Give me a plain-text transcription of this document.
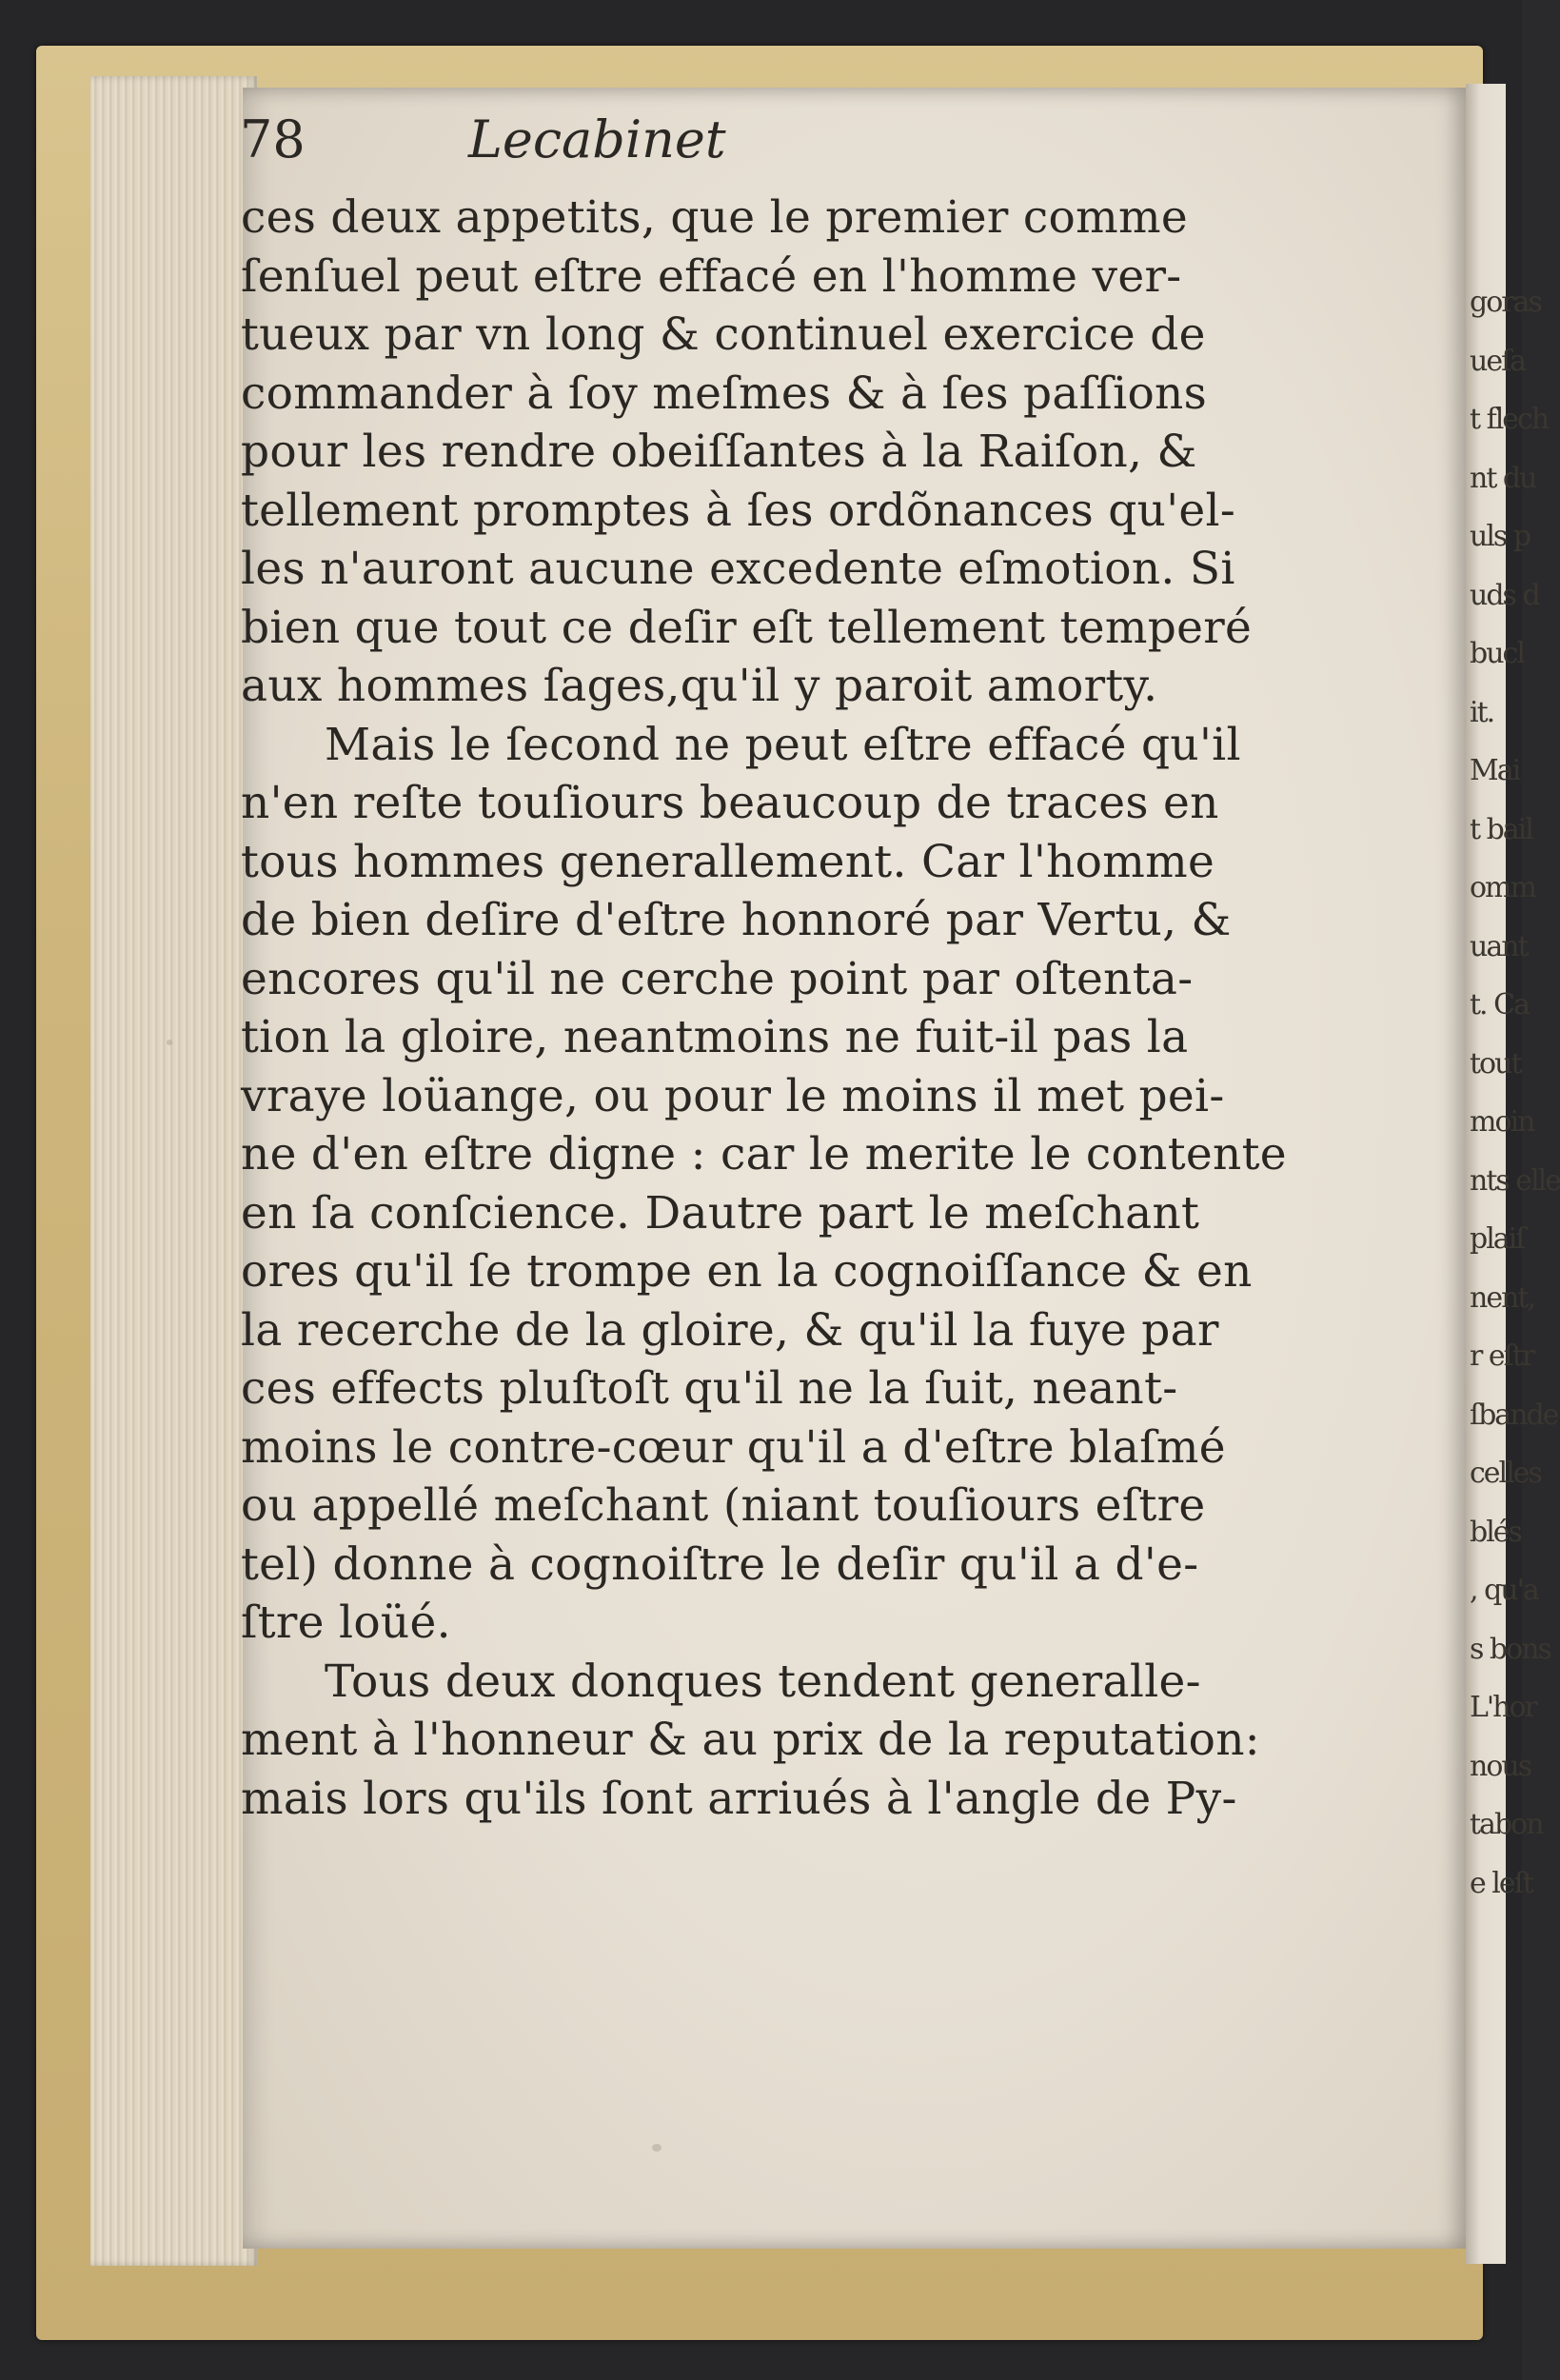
goras
ueſa
t flech
nt du
uls p
uds d
bucl
it.
Mai
t bail
omm
uant
t. Ca
tout
moin
nts elle
plaiſ
nent,
r eſtr
ſbande
celles
blés
, qu'a
s bons
L'hor
nous
tabon
e leſt
78	Lecabinet
ces deux appetits, que le premier comme
ſenſuel peut eſtre effacé en l'homme ver-
tueux par vn long & continuel exercice de
commander à ſoy meſmes & à ſes paſſions
pour les rendre obeiſſantes à la Raiſon, &
tellement promptes à ſes ordõnances qu'el-
les n'auront aucune excedente eſmotion. Si
bien que tout ce deſir eſt tellement temperé
aux hommes ſages,qu'il y paroit amorty.
Mais le ſecond ne peut eſtre effacé qu'il
n'en reſte touſiours beaucoup de traces en
tous hommes generallement. Car l'homme
de bien deſire d'eſtre honnoré par Vertu, &
encores qu'il ne cerche point par oſtenta-
tion la gloire, neantmoins ne fuit-il pas la
vraye loüange, ou pour le moins il met pei-
ne d'en eſtre digne : car le merite le contente
en ſa conſcience. Dautre part le meſchant
ores qu'il ſe trompe en la cognoiſſance & en
la recerche de la gloire, & qu'il la fuye par
ces effects pluſtoſt qu'il ne la ſuit, neant-
moins le contre-cœur qu'il a d'eſtre blaſmé
ou appellé meſchant (niant touſiours eſtre
tel) donne à cognoiſtre le deſir qu'il a d'e-
ſtre loüé.
Tous deux donques tendent generalle-
ment à l'honneur & au prix de la reputation:
mais lors qu'ils ſont arriués à l'angle de Py-
